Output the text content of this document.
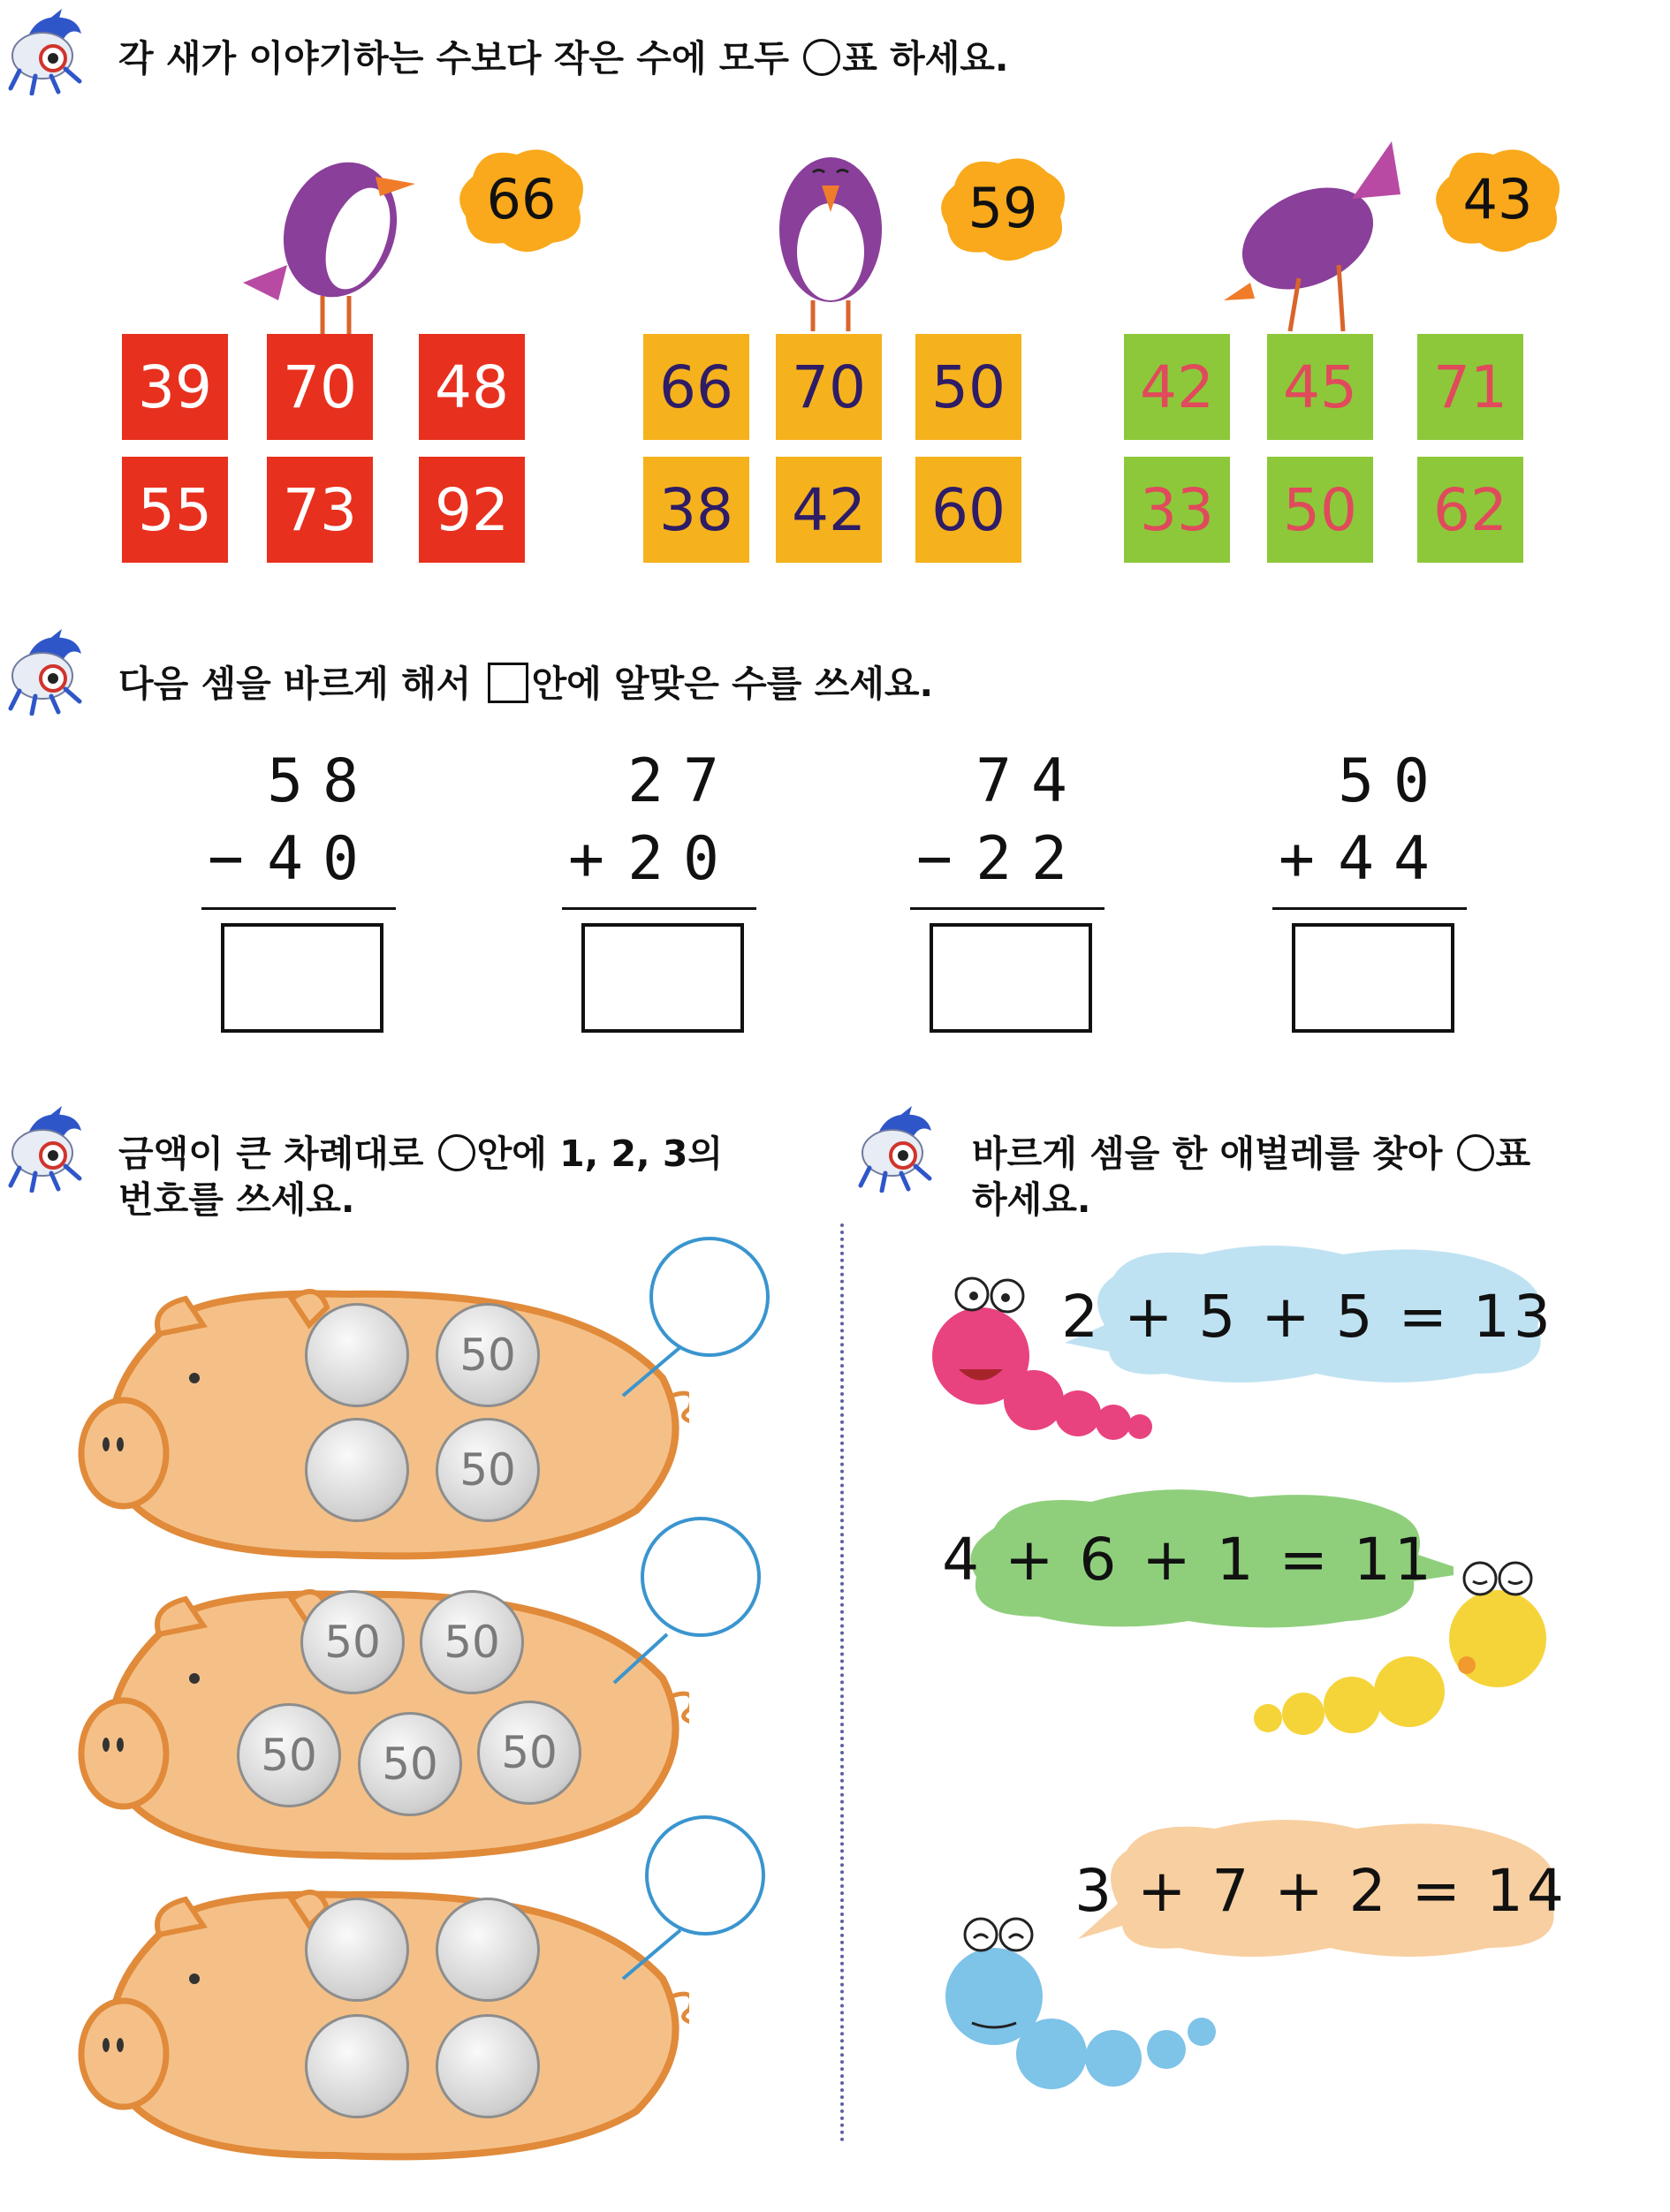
각 새가 이야기하는 수보다 작은 수에 모두 표 하세요.
66
39 70 48
55 73 92
59
66 70 50
38 42 60
43
42 45 71
33 50 62
다음 셈을 바르게 해서 안에 알맞은 수를 쓰세요.
58
− 40
27
+ 20
74
− 22
50
+ 44
금액이 큰 차례대로 안에 1, 2, 3의
번호를 쓰세요.
50
50
50	50
50	50	50
바르게 셈을 한 애벌레를 찾아 표
하세요.
2 + 5 + 5 = 13
4 + 6 + 1 = 11
3 + 7 + 2 = 14
